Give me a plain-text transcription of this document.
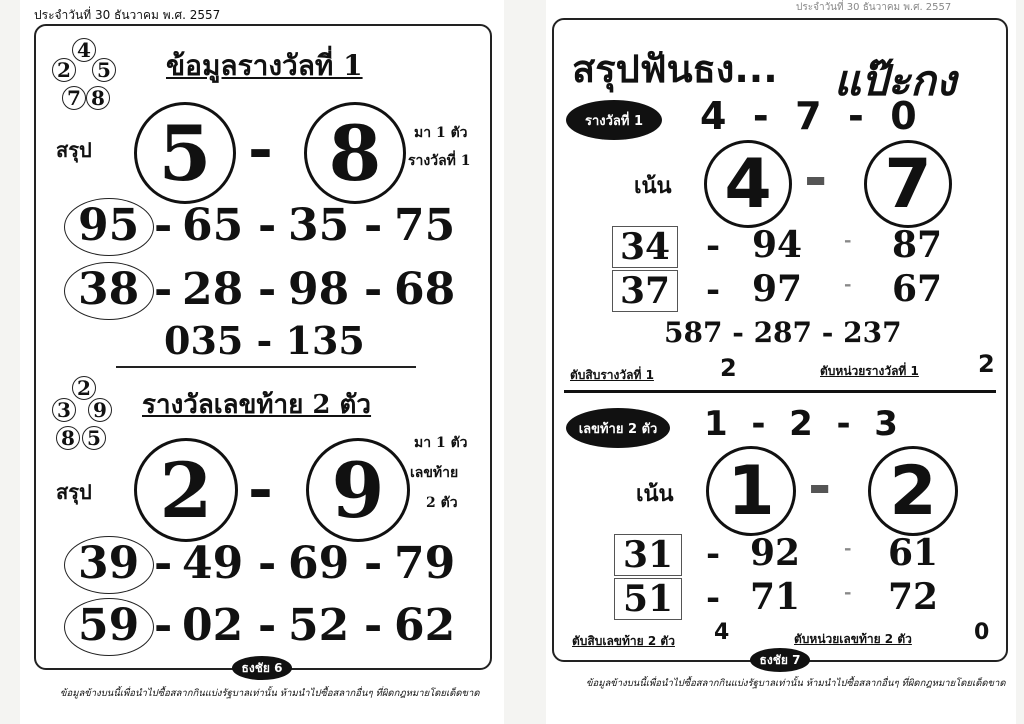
ประจำวันที่ 30 ธันวาคม พ.ศ. 2557
4
2 5
7 8
ข้อมูลรางวัลที่ 1
สรุป 5 - 8	มา 1 ตัว
รางวัลที่ 1
95 - 65 - 35 - 75
38 - 28 - 98 - 68
035 - 135
2
3 9
8 5
รางวัลเลขท้าย 2 ตัว
สรุป 2 - 9
มา 1 ตัว
เลขท้าย
2 ตัว
39 - 49 - 69 - 79
59 - 02 - 52 - 62
ธงชัย 6
ข้อมูลข้างบนนี้เพื่อนำไปซื้อสลากกินแบ่งรัฐบาลเท่านั้น ห้ามนำไปซื้อสลากอื่นๆ ที่ผิดกฎหมายโดยเด็ดขาด
ประจำวันที่ 30 ธันวาคม พ.ศ. 2557
สรุปฟันธง... แป๊ะกง
รางวัลที่ 1	4  -  7  -  0
เน้น 4 - 7
34 - 94 - 87
37 - 97 - 67
587 - 287 - 237
ตับสิบรางวัลที่ 1	2	ตับหน่วยรางวัลที่ 1 2
เลขท้าย 2 ตัว	1  -  2  -  3
เน้น 1 - 2
31 - 92 - 61
51 - 71 - 72
ตับสิบเลขท้าย 2 ตัว 4	ตับหน่วยเลขท้าย 2 ตัว	0
ธงชัย 7
ข้อมูลข้างบนนี้เพื่อนำไปซื้อสลากกินแบ่งรัฐบาลเท่านั้น ห้ามนำไปซื้อสลากอื่นๆ ที่ผิดกฎหมายโดยเด็ดขาด
